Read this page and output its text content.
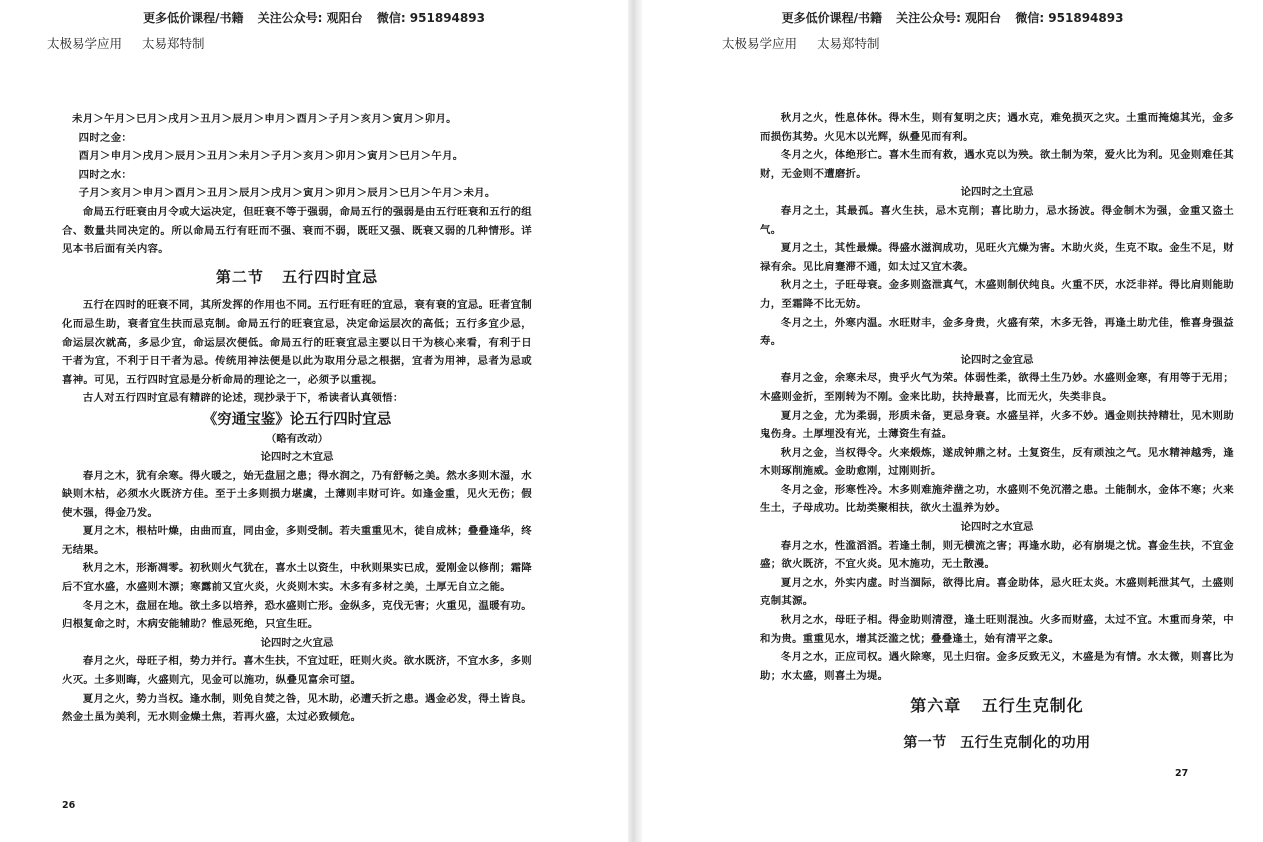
更多低价课程/书籍 关注公众号: 观阳台 微信: 951894893
太极易学应用 太易郑特制

未月＞午月＞巳月＞戌月＞丑月＞辰月＞申月＞酉月＞子月＞亥月＞寅月＞卯月。

四时之金：

酉月＞申月＞戌月＞辰月＞丑月＞未月＞子月＞亥月＞卯月＞寅月＞巳月＞午月。

四时之水：

子月＞亥月＞申月＞酉月＞丑月＞辰月＞戌月＞寅月＞卯月＞辰月＞巳月＞午月＞未月。

命局五行旺衰由月令或大运决定，但旺衰不等于强弱，命局五行的强弱是由五行旺衰和五行的组合、数量共同决定的。所以命局五行有旺而不强、衰而不弱，既旺又强、既衰又弱的几种情形。详见本书后面有关内容。

第二节 五行四时宜忌

五行在四时的旺衰不同，其所发挥的作用也不同。五行旺有旺的宜忌，衰有衰的宜忌。旺者宜制化而忌生助，衰者宜生扶而忌克制。命局五行的旺衰宜忌，决定命运层次的高低；五行多宜少忌，命运层次就高，多忌少宜，命运层次便低。命局五行的旺衰宜忌主要以日干为核心来看，有利于日干者为宜，不利于日干者为忌。传统用神法便是以此为取用分忌之根据，宜者为用神，忌者为忌或喜神。可见，五行四时宜忌是分析命局的理论之一，必须予以重视。

古人对五行四时宜忌有精辟的论述，现抄录于下，希读者认真领悟：

《穷通宝鉴》论五行四时宜忌
（略有改动）
论四时之木宜忌

春月之木，犹有余寒。得火暖之，始无盘屈之患；得水润之，乃有舒畅之美。然水多则木湿，水缺则木枯，必须水火既济方佳。至于土多则损力堪虞，土薄则丰财可许。如逢金重，见火无伤；假使木强，得金乃发。

夏月之木，根枯叶燥，由曲而直，同由金，多则受制。若夫重重见木，徒自成林；叠叠逢华，终无结果。

秋月之木，形渐凋零。初秋则火气犹在，喜水土以资生，中秋则果实已成，爱刚金以修削；霜降后不宜水盛，水盛则木漂；寒露前又宜火炎，火炎则木实。木多有多材之美，土厚无自立之能。

冬月之木，盘屈在地。欲土多以培养，恐水盛则亡形。金纵多，克伐无害；火重见，温暖有功。归根复命之时，木病安能辅助？惟忌死绝，只宜生旺。

论四时之火宜忌

春月之火，母旺子相，势力并行。喜木生扶，不宜过旺，旺则火炎。欲水既济，不宜水多，多则火灭。土多则晦，火盛则亢，见金可以施功，纵叠见富余可望。

夏月之火，势力当权。逢水制，则免自焚之咎，见木助，必遭夭折之患。遇金必发，得土皆良。然金土虽为美利，无水则金燥土焦，若再火盛，太过必致倾危。

26
更多低价课程/书籍 关注公众号: 观阳台 微信: 951894893
太极易学应用 太易郑特制

秋月之火，性息体休。得木生，则有复明之庆；遇水克，难免损灭之灾。土重而掩熄其光，金多而损伤其势。火见木以光辉，纵叠见而有利。

冬月之火，体绝形亡。喜木生而有救，遇水克以为殃。欲土制为荣，爱火比为利。见金则难任其财，无金则不遭磨折。

论四时之土宜忌

春月之土，其最孤。喜火生扶，忌木克削；喜比助力，忌水扬波。得金制木为强，金重又盗土气。

夏月之土，其性最燥。得盛水滋润成功，见旺火亢燥为害。木助火炎，生克不取。金生不足，财禄有余。见比肩蹇滞不通，如太过又宜木袭。

秋月之土，子旺母衰。金多则盗泄真气，木盛则制伏纯良。火重不厌，水泛非祥。得比肩则能助力，至霜降不比无妨。

冬月之土，外寒内温。水旺财丰，金多身贵，火盛有荣，木多无咎，再逢土助尤佳，惟喜身强益寿。

论四时之金宜忌

春月之金，余寒未尽，贵乎火气为荣。体弱性柔，欲得土生乃妙。水盛则金寒，有用等于无用；木盛则金折，至刚转为不刚。金来比助，扶持最喜，比而无火，失类非良。

夏月之金，尤为柔弱，形质未备，更忌身衰。水盛呈祥，火多不妙。遇金则扶持精壮，见木则助鬼伤身。土厚埋没有光，土薄资生有益。

秋月之金，当权得令。火来煅炼，遂成钟鼎之材。土复资生，反有顽浊之气。见水精神越秀，逢木则琢削施威。金助愈刚，过刚则折。

冬月之金，形寒性冷。木多则难施斧凿之功，水盛则不免沉潜之患。土能制水，金体不寒；火来生土，子母成功。比劫类聚相扶，欲火土温养为妙。

论四时之水宜忌

春月之水，性滥滔滔。若逢土制，则无横流之害；再逢水助，必有崩堤之忧。喜金生扶，不宜金盛；欲火既济，不宜火炎。见木施功，无土散漫。

夏月之水，外实内虚。时当涸际，欲得比肩。喜金助体，忌火旺太炎。木盛则耗泄其气，土盛则克制其源。

秋月之水，母旺子相。得金助则清澄，逢土旺则混浊。火多而财盛，太过不宜。木重而身荣，中和为贵。重重见水，增其泛滥之忧；叠叠逢土，始有清平之象。

冬月之水，正应司权。遇火除寒，见土归宿。金多反致无义，木盛是为有情。水太微，则喜比为助；水太盛，则喜土为堤。

第六章 五行生克制化
第一节 五行生克制化的功用
27
